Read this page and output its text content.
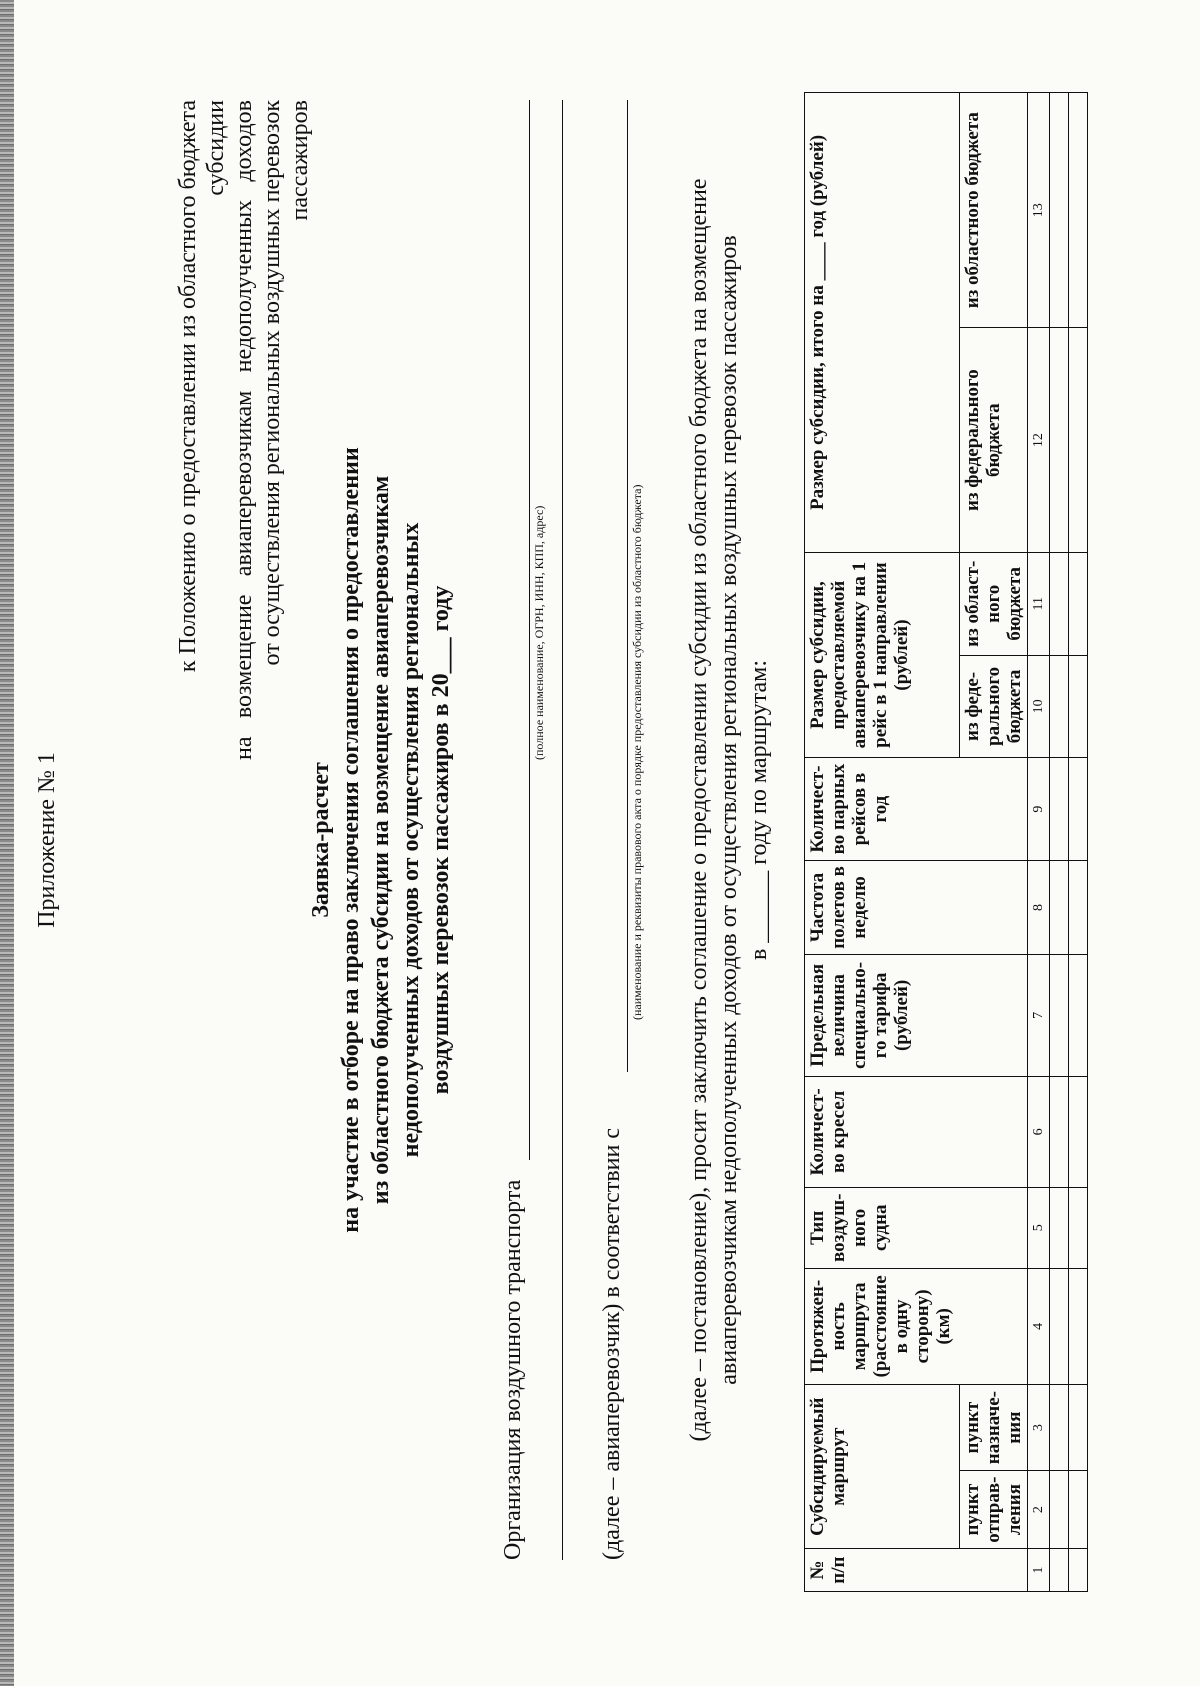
Приложение № 1
к Положению о предоставлении из областного бюджета субсидии на возмещение авиаперевозчикам недополученных доходов от осуществления региональных воздушных перевозок пассажиров
Заявка-расчет на участие в отборе на право заключения соглашения о предоставлении из областного бюджета субсидии на возмещение авиаперевозчикам недополученных доходов от осуществления региональных воздушных перевозок пассажиров в 20___ году
Организация воздушного транспорта
(полное наименование, ОГРН, ИНН, КПП, адрес)
(далее – авиаперевозчик) в соответствии с
(наименование и реквизиты правового акта о порядке предоставления субсидии из областного бюджета) (далее – постановление), просит заключить соглашение о предоставлении субсидии из областного бюджета на возмещение авиаперевозчикам недополученных доходов от осуществления региональных воздушных перевозок пассажиров в ______ году по маршрутам:
№ п/п	Субсидируемый маршрут		Протяжен-ность маршрута (расстояние в одну сторону) (км)	Тип воздуш-ного судна	Количест-во кресел	Предельная величина специально-го тарифа (рублей)	Частота полетов в неделю	Количест-во парных рейсов в год	Размер субсидии, предоставляемой авиаперевозчику на 1 рейс в 1 направлении (рублей)		Размер субсидии, итого на ____ год (рублей)	
	пункт отправ-ления	пункт назначе-ния							из феде-рального бюджета	из област-ного бюджета	из федерального бюджета	из областного бюджета
1	2	3	4	5	6	7	8	9	10	11	12	13
